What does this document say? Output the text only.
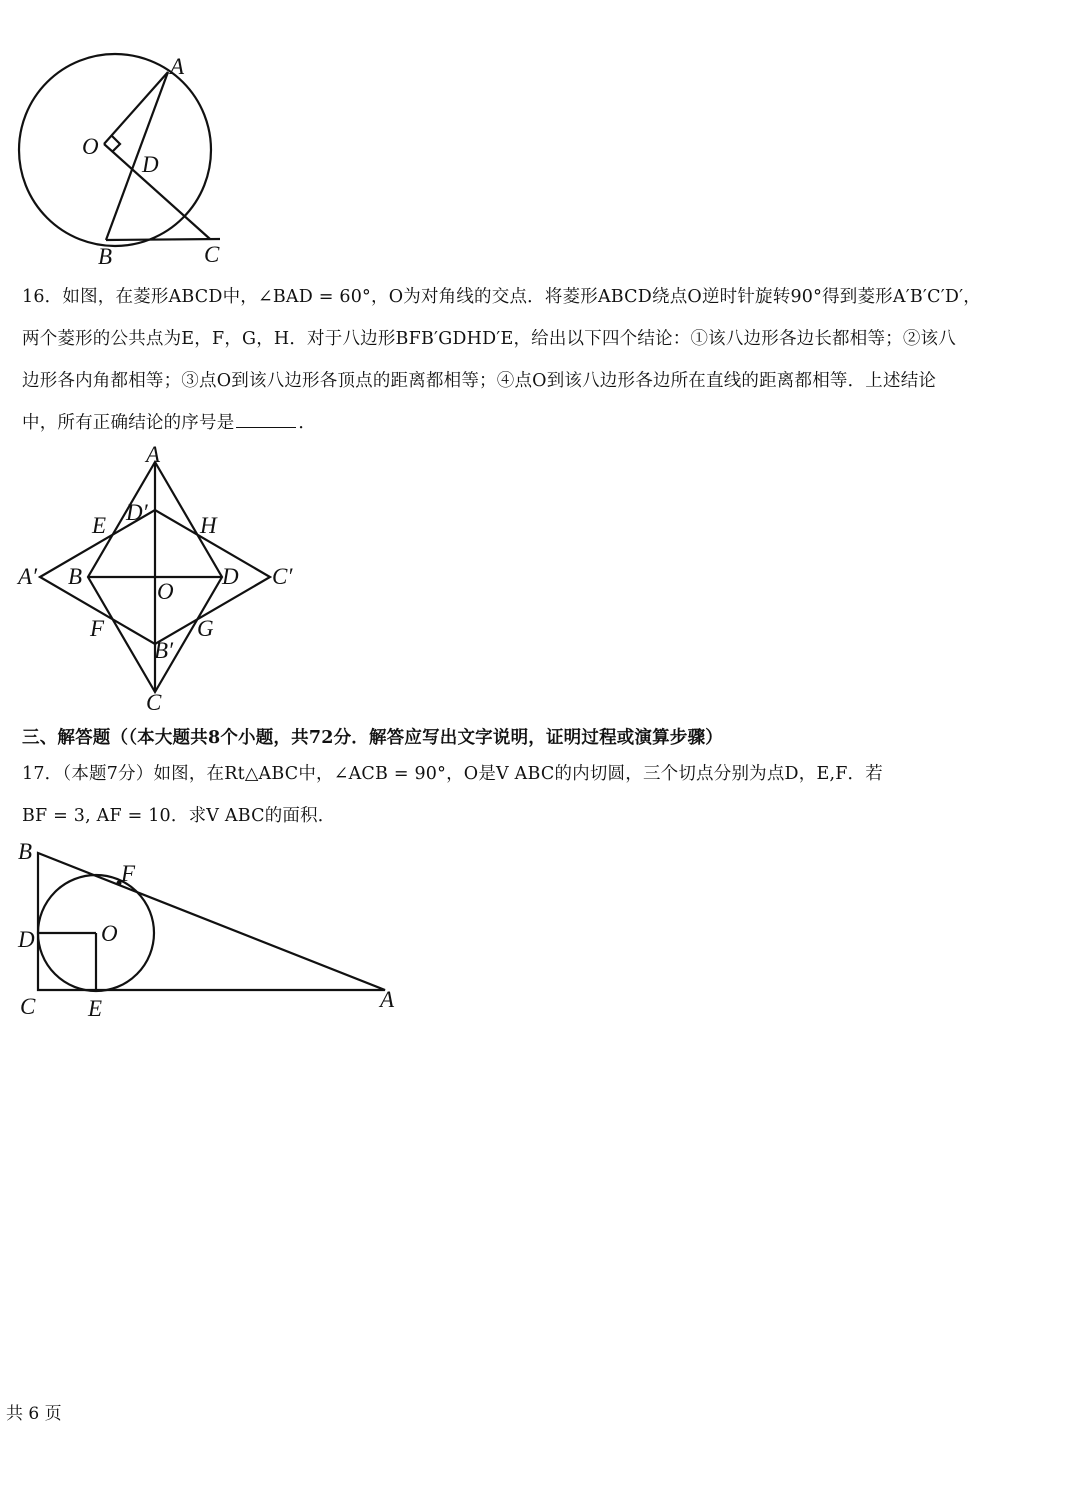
A
O
D
B	C
16．如图，在菱形ABCD中，∠BAD = 60°，O为对角线的交点．将菱形ABCD绕点O逆时针旋转90°得到菱形A′B′C′D′，
两个菱形的公共点为E，F，G，H．对于八边形BFB′GDHD′E，给出以下四个结论：①该八边形各边长都相等；②该八
边形各内角都相等；③点O到该八边形各顶点的距离都相等；④点O到该八边形各边所在直线的距离都相等．上述结论
中，所有正确结论的序号是	．
A
D′
E	H
A′ B
O
D C′
F	G
B′
C
三、解答题（（本大题共8个小题，共72分．解答应写出文字说明，证明过程或演算步骤）
17．（本题7分）如图，在Rt△ABC中，∠ACB = 90°，O是V ABC的内切圆，三个切点分别为点D，E,F．若
BF = 3, AF = 10．求V ABC的面积．
B
F
D	O
C E	A
共 6 页
